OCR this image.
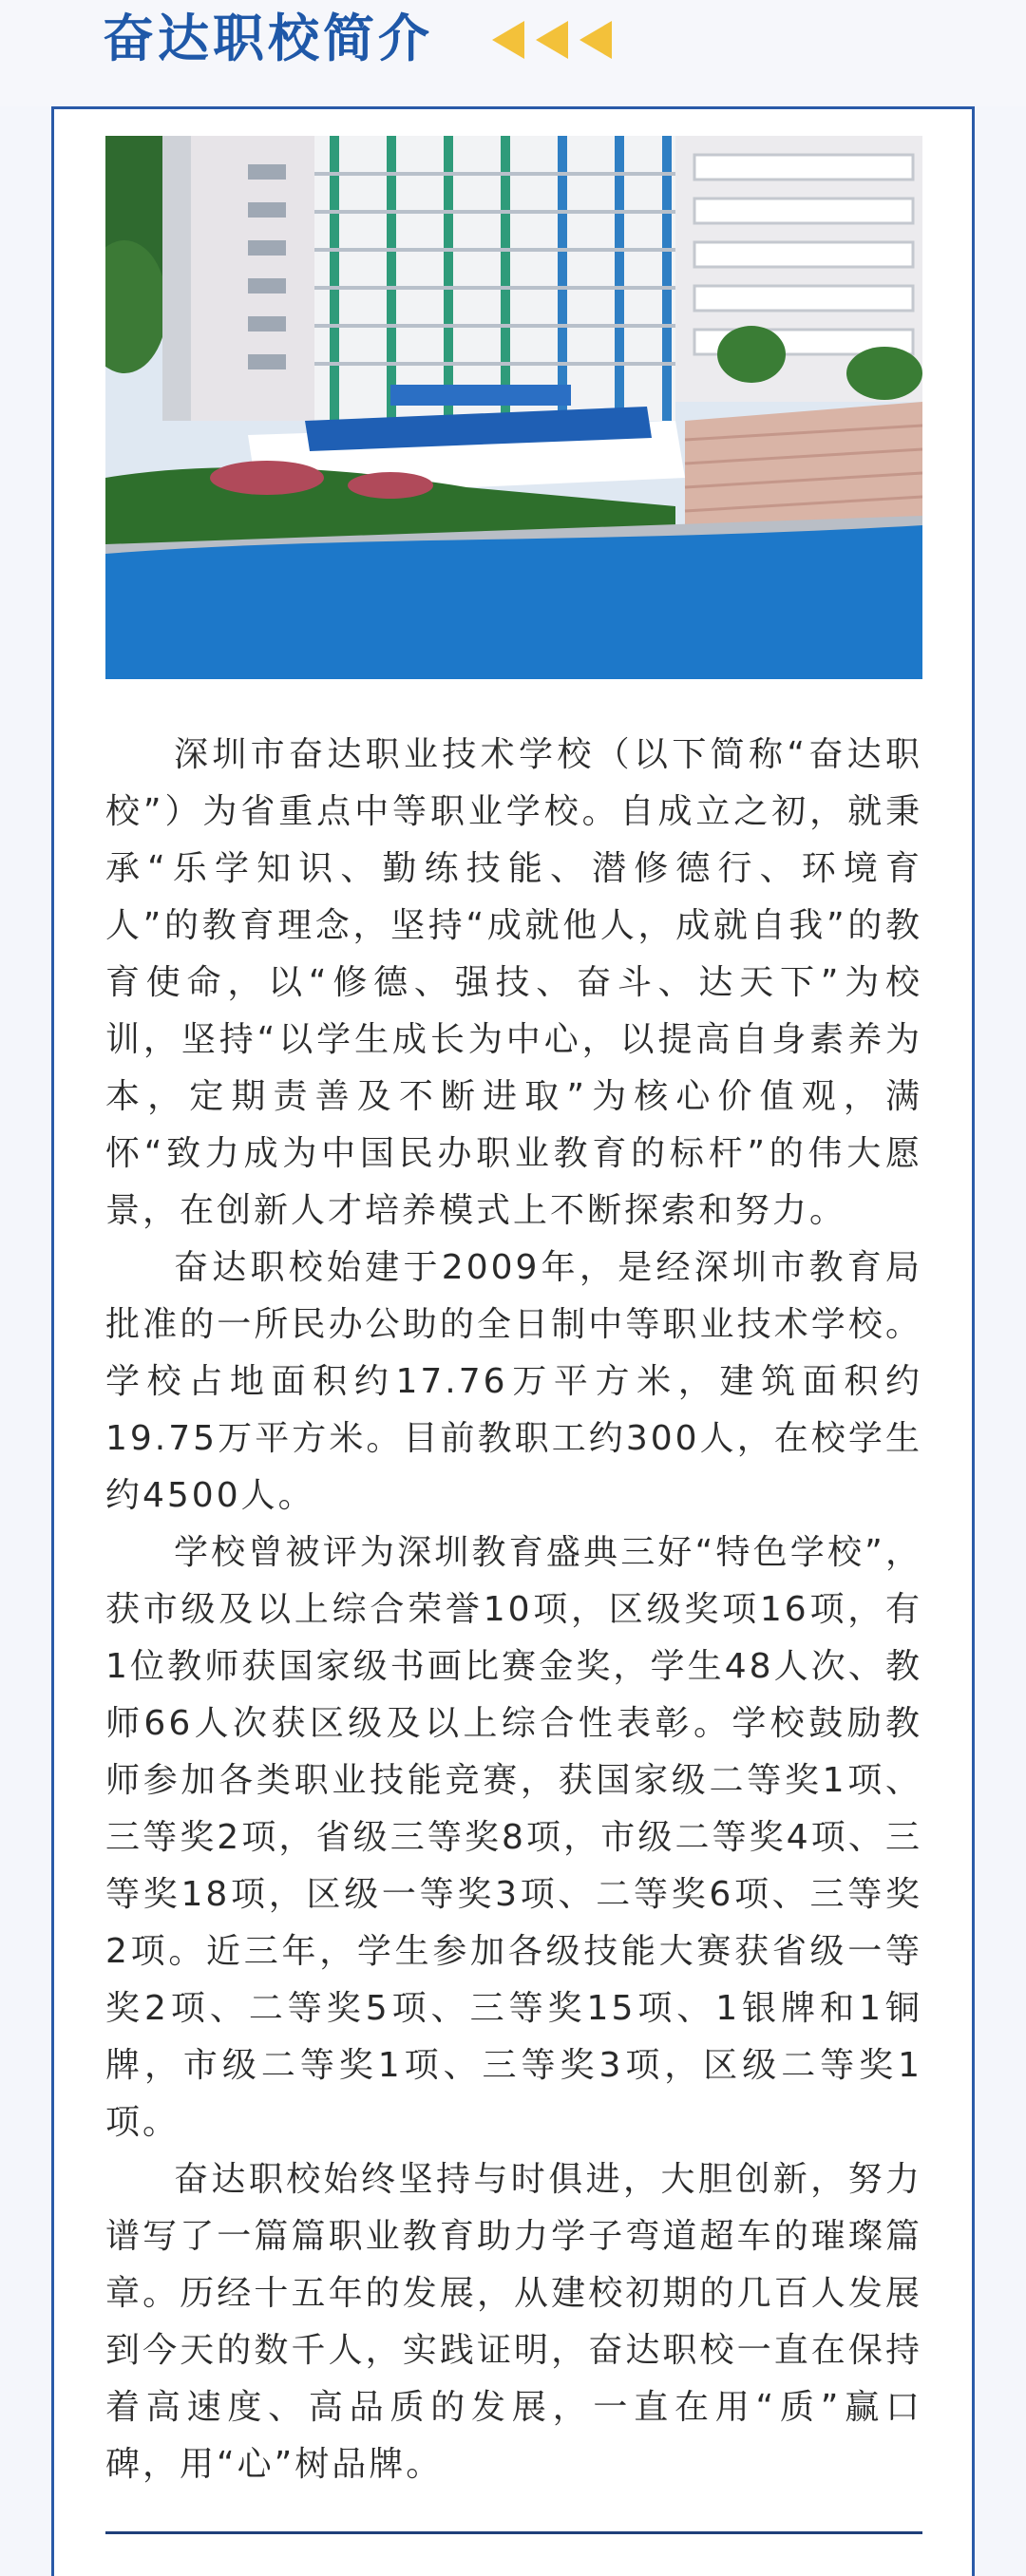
奋达职校简介

深圳市奋达职业技术学校（以下简称“奋达职校”）为省重点中等职业学校。自成立之初，就秉承“乐学知识、勤练技能、潜修德行、环境育人”的教育理念，坚持“成就他人，成就自我”的教育使命，以“修德、强技、奋斗、达天下”为校训，坚持“以学生成长为中心，以提高自身素养为本，定期责善及不断进取”为核心价值观，满怀“致力成为中国民办职业教育的标杆”的伟大愿景，在创新人才培养模式上不断探索和努力。

奋达职校始建于2009年，是经深圳市教育局批准的一所民办公助的全日制中等职业技术学校。学校占地面积约17.76万平方米，建筑面积约19.75万平方米。目前教职工约300人，在校学生约4500人。

学校曾被评为深圳教育盛典三好“特色学校”，获市级及以上综合荣誉10项，区级奖项16项，有1位教师获国家级书画比赛金奖，学生48人次、教师66人次获区级及以上综合性表彰。学校鼓励教师参加各类职业技能竞赛，获国家级二等奖1项、三等奖2项，省级三等奖8项，市级二等奖4项、三等奖18项，区级一等奖3项、二等奖6项、三等奖2项。近三年，学生参加各级技能大赛获省级一等奖2项、二等奖5项、三等奖15项、1银牌和1铜牌，市级二等奖1项、三等奖3项，区级二等奖1项。

奋达职校始终坚持与时俱进，大胆创新，努力谱写了一篇篇职业教育助力学子弯道超车的璀璨篇章。历经十五年的发展，从建校初期的几百人发展到今天的数千人，实践证明，奋达职校一直在保持着高速度、高品质的发展，一直在用“质”赢口碑，用“心”树品牌。
